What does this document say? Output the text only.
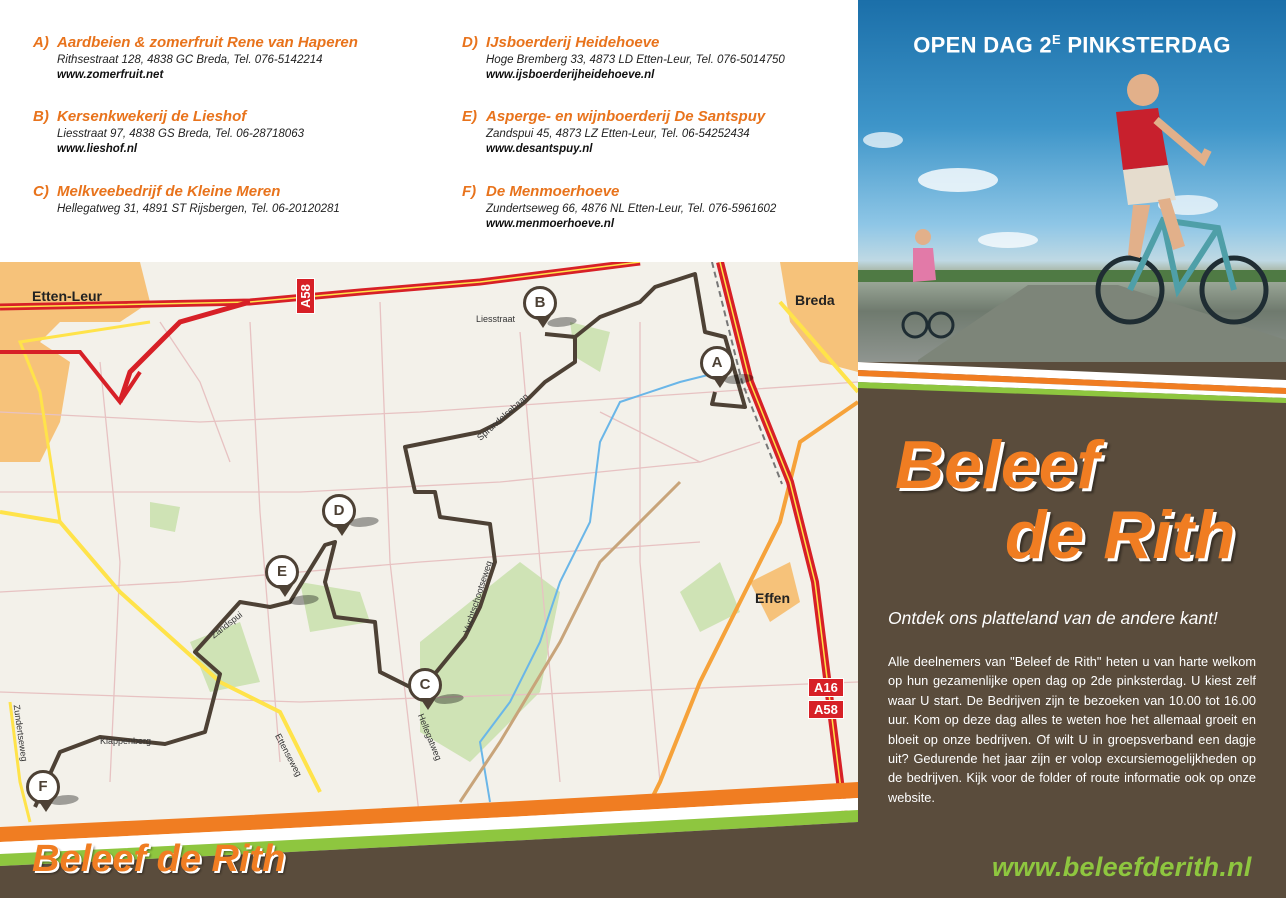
A) Aardbeien & zomerfruit Rene van Haperen
Rithsestraat 128, 4838 GC Breda, Tel. 076-5142214
www.zomerfruit.net
B) Kersenkwekerij de Lieshof
Liesstraat 97, 4838 GS Breda, Tel. 06-28718063
www.lieshof.nl
C) Melkveebedrijf de Kleine Meren
Hellegatweg 31, 4891 ST Rijsbergen, Tel. 06-20120281
D) IJsboerderij Heidehoeve
Hoge Bremberg 33, 4873 LD Etten-Leur, Tel. 076-5014750
www.ijsboerderijheidehoeve.nl
E) Asperge- en wijnboerderij De Santspuy
Zandspui 45, 4873 LZ Etten-Leur, Tel. 06-54252434
www.desantspuy.nl
F) De Menmoerhoeve
Zundertseweg 66, 4876 NL Etten-Leur, Tel. 076-5961602
www.menmoerhoeve.nl
Etten-Leur	Breda
Effen
A58
A16
A58
Liesstraat
Sprundelsebaan
Vuchtschootseweg
Hellegatweg
Zandspui
Klappenberg	Ettenseweg
Zundertseweg
B
A
D
E
C
F
Beleef de Rith
OPEN DAG $2^E$ PINKSTERDAG
Beleef
de Rith
Ontdek ons platteland van de andere kant!
Alle deelnemers van "Beleef de Rith" heten u van harte welkom op hun gezamenlijke open dag op 2de pinksterdag. U kiest zelf waar U start. De Bedrijven zijn te bezoeken van 10.00 tot 16.00 uur. Kom op deze dag alles te weten hoe het allemaal groeit en bloeit op onze bedrijven. Of wilt U in groepsverband een dagje uit? Gedurende het jaar zijn er volop excursiemogelijkheden op de bedrijven. Kijk voor de folder of route informatie ook op onze website.
www.beleefderith.nl
